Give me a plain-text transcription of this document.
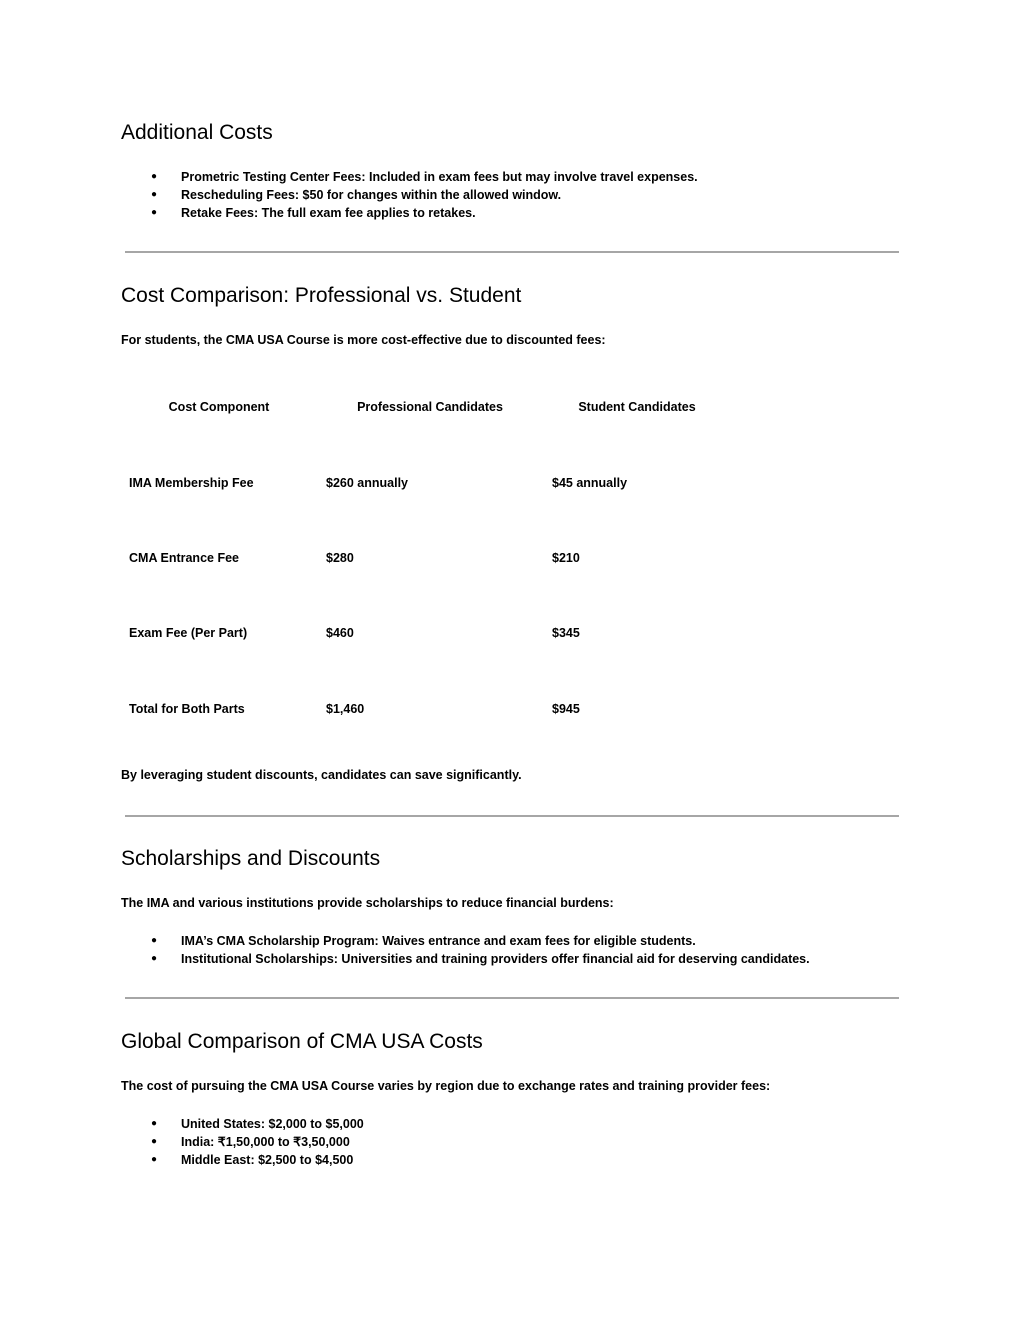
Additional Costs
● Prometric Testing Center Fees: Included in exam fees but may involve travel expenses.
● Rescheduling Fees: $50 for changes within the allowed window.
● Retake Fees: The full exam fee applies to retakes.
Cost Comparison: Professional vs. Student

For students, the CMA USA Course is more cost-effective due to discounted fees:

Cost Component	Professional Candidates	Student Candidates
IMA Membership Fee	$260 annually	$45 annually
CMA Entrance Fee	$280	$210
Exam Fee (Per Part)	$460	$345
Total for Both Parts	$1,460	$945

By leveraging student discounts, candidates can save significantly.

Scholarships and Discounts

The IMA and various institutions provide scholarships to reduce financial burdens:

● IMA’s CMA Scholarship Program: Waives entrance and exam fees for eligible students.
● Institutional Scholarships: Universities and training providers offer financial aid for deserving candidates.
Global Comparison of CMA USA Costs

The cost of pursuing the CMA USA Course varies by region due to exchange rates and training provider fees:

● United States: $2,000 to $5,000
● India: ₹1,50,000 to ₹3,50,000
● Middle East: $2,500 to $4,500
